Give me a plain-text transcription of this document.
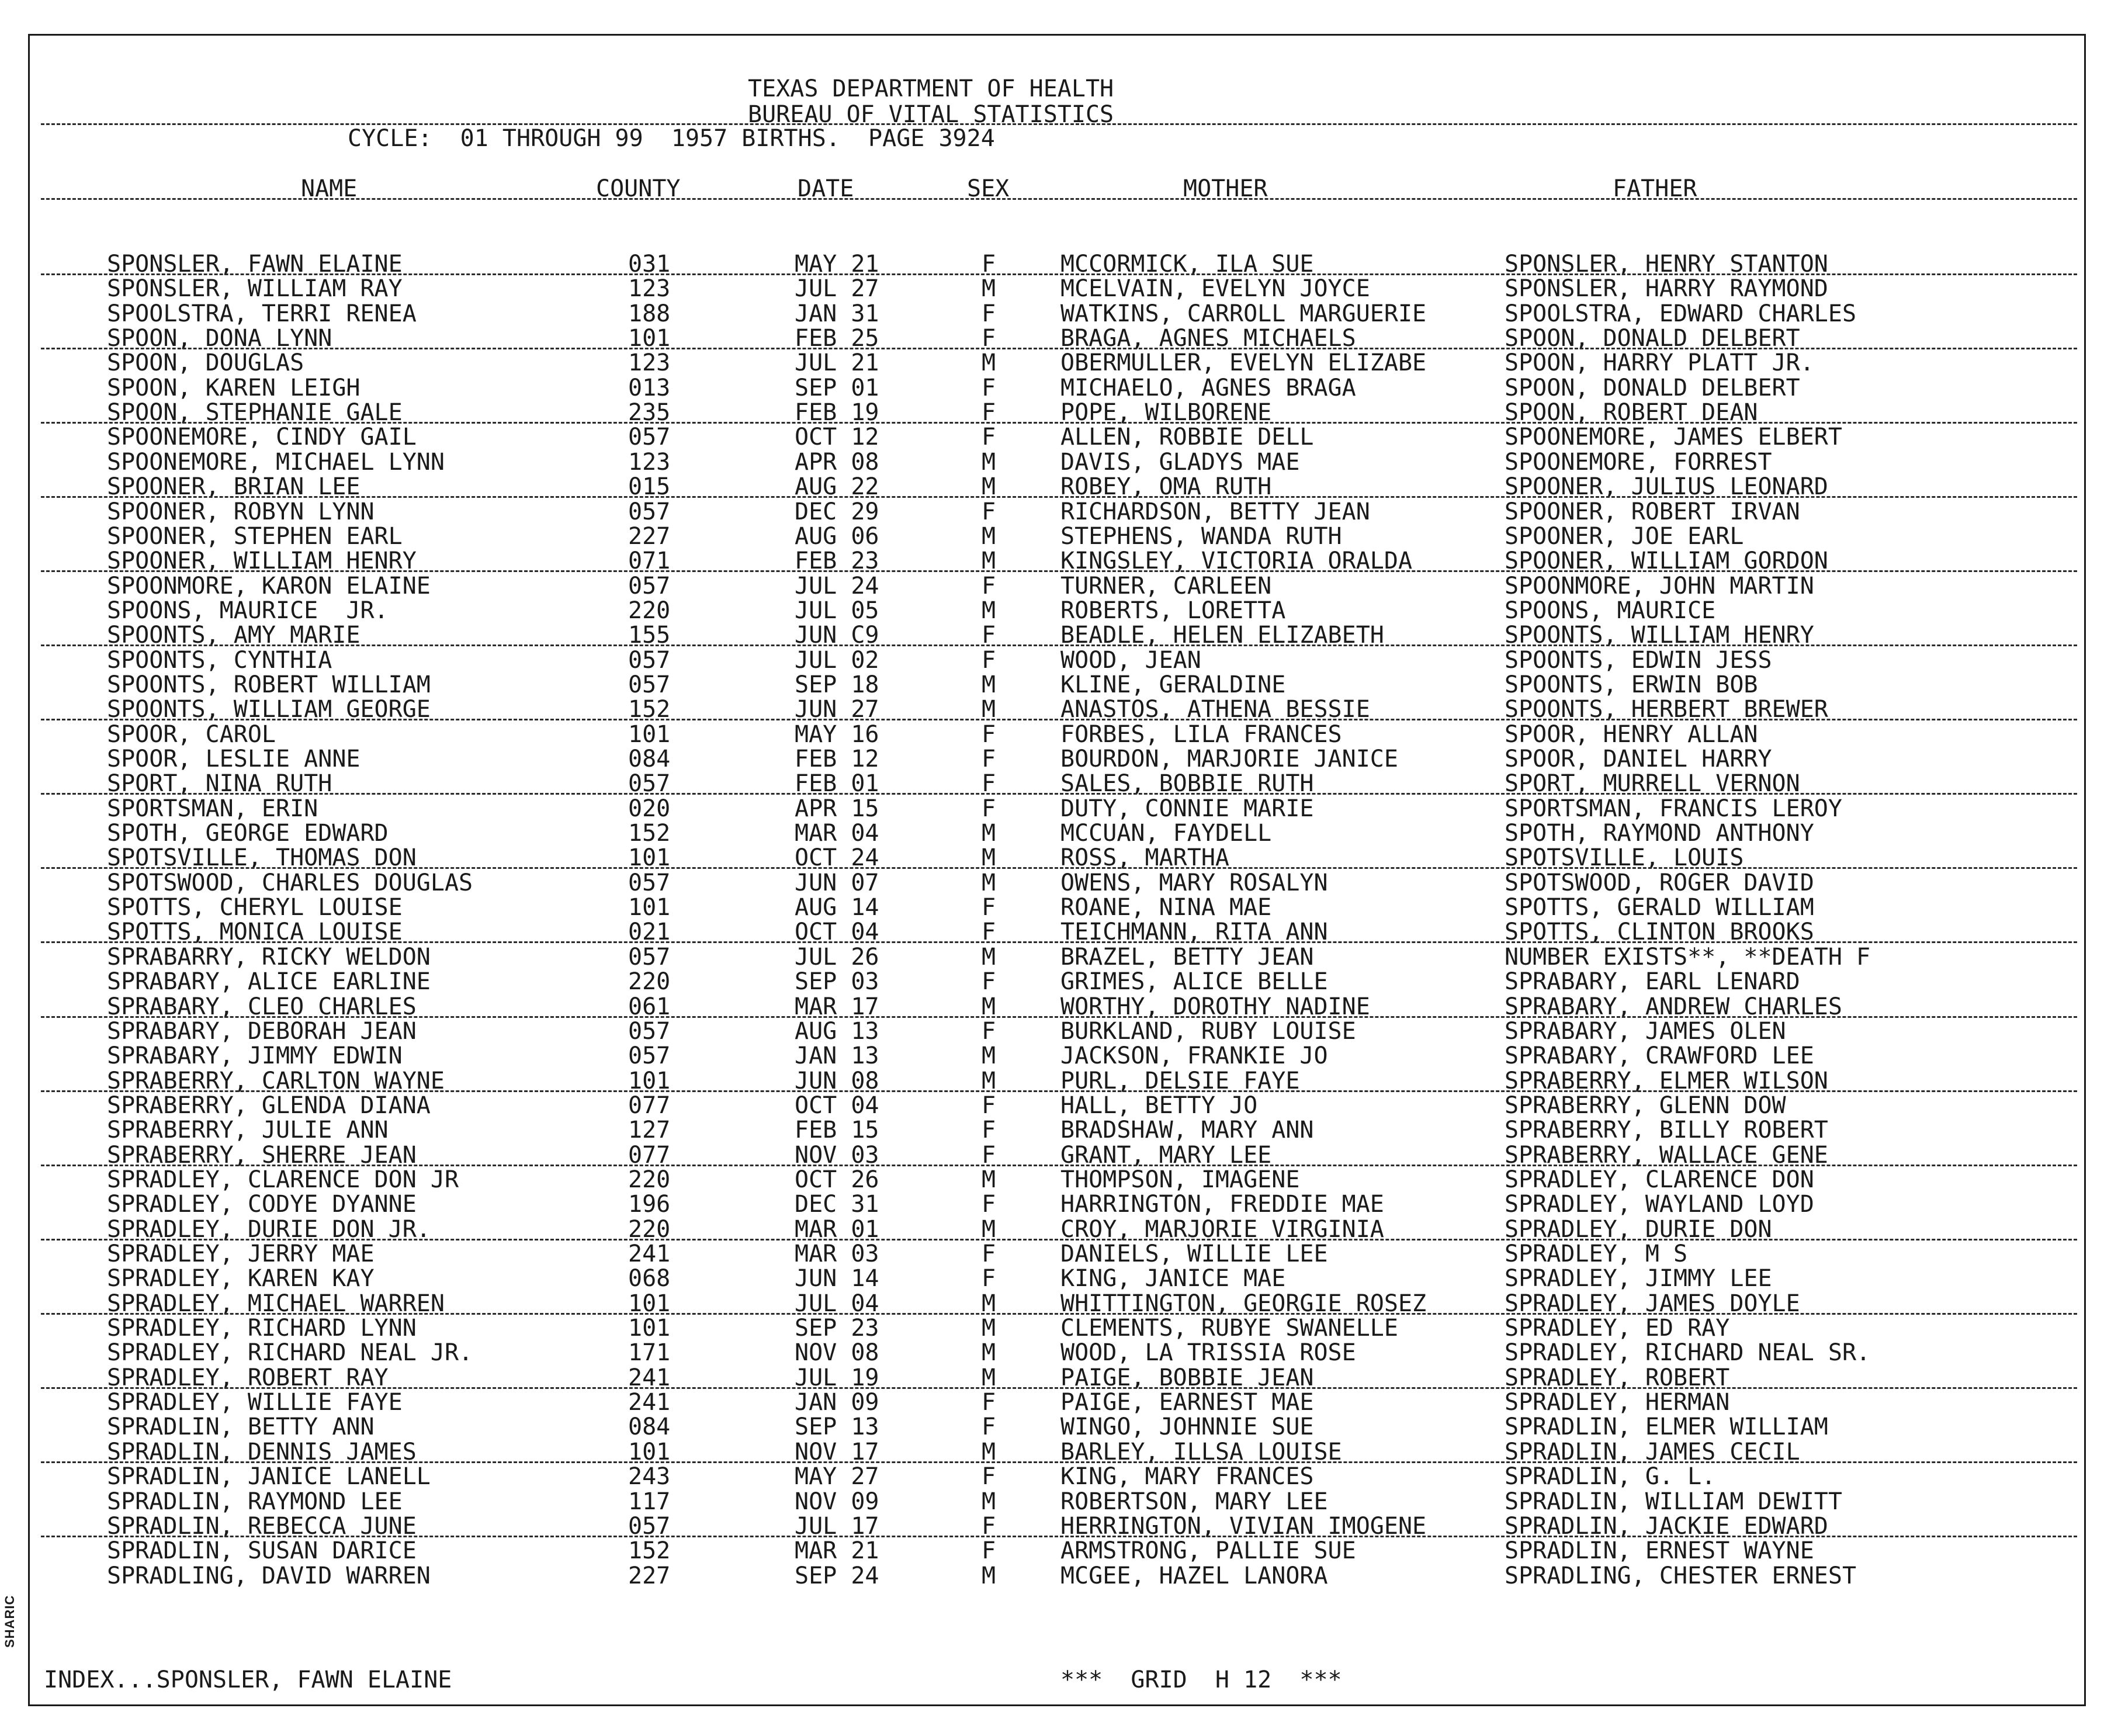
TEXAS DEPARTMENT OF HEALTH
BUREAU OF VITAL STATISTICS
CYCLE:  01 THROUGH 99  1957 BIRTHS.  PAGE 3924
NAME	COUNTY	DATE	SEX	MOTHER	FATHER
SPONSLER, FAWN ELAINE	031	MAY 21	F	MCCORMICK, ILA SUE	SPONSLER, HENRY STANTON
SPONSLER, WILLIAM RAY	123	JUL 27	M	MCELVAIN, EVELYN JOYCE	SPONSLER, HARRY RAYMOND
SPOOLSTRA, TERRI RENEA	188	JAN 31	F	WATKINS, CARROLL MARGUERIE	SPOOLSTRA, EDWARD CHARLES
SPOON, DONA LYNN	101	FEB 25	F	BRAGA, AGNES MICHAELS	SPOON, DONALD DELBERT
SPOON, DOUGLAS	123	JUL 21	M	OBERMULLER, EVELYN ELIZABE	SPOON, HARRY PLATT JR.
SPOON, KAREN LEIGH	013	SEP 01	F	MICHAELO, AGNES BRAGA	SPOON, DONALD DELBERT
SPOON, STEPHANIE GALE	235	FEB 19	F	POPE, WILBORENE	SPOON, ROBERT DEAN
SPOONEMORE, CINDY GAIL	057	OCT 12	F	ALLEN, ROBBIE DELL	SPOONEMORE, JAMES ELBERT
SPOONEMORE, MICHAEL LYNN	123	APR 08	M	DAVIS, GLADYS MAE	SPOONEMORE, FORREST
SPOONER, BRIAN LEE	015	AUG 22	M	ROBEY, OMA RUTH	SPOONER, JULIUS LEONARD
SPOONER, ROBYN LYNN	057	DEC 29	F	RICHARDSON, BETTY JEAN	SPOONER, ROBERT IRVAN
SPOONER, STEPHEN EARL	227	AUG 06	M	STEPHENS, WANDA RUTH	SPOONER, JOE EARL
SPOONER, WILLIAM HENRY	071	FEB 23	M	KINGSLEY, VICTORIA ORALDA	SPOONER, WILLIAM GORDON
SPOONMORE, KARON ELAINE	057	JUL 24	F	TURNER, CARLEEN	SPOONMORE, JOHN MARTIN
SPOONS, MAURICE  JR.	220	JUL 05	M	ROBERTS, LORETTA	SPOONS, MAURICE
SPOONTS, AMY MARIE	155	JUN C9	F	BEADLE, HELEN ELIZABETH	SPOONTS, WILLIAM HENRY
SPOONTS, CYNTHIA	057	JUL 02	F	WOOD, JEAN	SPOONTS, EDWIN JESS
SPOONTS, ROBERT WILLIAM	057	SEP 18	M	KLINE, GERALDINE	SPOONTS, ERWIN BOB
SPOONTS, WILLIAM GEORGE	152	JUN 27	M	ANASTOS, ATHENA BESSIE	SPOONTS, HERBERT BREWER
SPOOR, CAROL	101	MAY 16	F	FORBES, LILA FRANCES	SPOOR, HENRY ALLAN
SPOOR, LESLIE ANNE	084	FEB 12	F	BOURDON, MARJORIE JANICE	SPOOR, DANIEL HARRY
SPORT, NINA RUTH	057	FEB 01	F	SALES, BOBBIE RUTH	SPORT, MURRELL VERNON
SPORTSMAN, ERIN	020	APR 15	F	DUTY, CONNIE MARIE	SPORTSMAN, FRANCIS LEROY
SPOTH, GEORGE EDWARD	152	MAR 04	M	MCCUAN, FAYDELL	SPOTH, RAYMOND ANTHONY
SPOTSVILLE, THOMAS DON	101	OCT 24	M	ROSS, MARTHA	SPOTSVILLE, LOUIS
SPOTSWOOD, CHARLES DOUGLAS	057	JUN 07	M	OWENS, MARY ROSALYN	SPOTSWOOD, ROGER DAVID
SPOTTS, CHERYL LOUISE	101	AUG 14	F	ROANE, NINA MAE	SPOTTS, GERALD WILLIAM
SPOTTS, MONICA LOUISE	021	OCT 04	F	TEICHMANN, RITA ANN	SPOTTS, CLINTON BROOKS
SPRABARRY, RICKY WELDON	057	JUL 26	M	BRAZEL, BETTY JEAN	NUMBER EXISTS**, **DEATH F
SPRABARY, ALICE EARLINE	220	SEP 03	F	GRIMES, ALICE BELLE	SPRABARY, EARL LENARD
SPRABARY, CLEO CHARLES	061	MAR 17	M	WORTHY, DOROTHY NADINE	SPRABARY, ANDREW CHARLES
SPRABARY, DEBORAH JEAN	057	AUG 13	F	BURKLAND, RUBY LOUISE	SPRABARY, JAMES OLEN
SPRABARY, JIMMY EDWIN	057	JAN 13	M	JACKSON, FRANKIE JO	SPRABARY, CRAWFORD LEE
SPRABERRY, CARLTON WAYNE	101	JUN 08	M	PURL, DELSIE FAYE	SPRABERRY, ELMER WILSON
SPRABERRY, GLENDA DIANA	077	OCT 04	F	HALL, BETTY JO	SPRABERRY, GLENN DOW
SPRABERRY, JULIE ANN	127	FEB 15	F	BRADSHAW, MARY ANN	SPRABERRY, BILLY ROBERT
SPRABERRY, SHERRE JEAN	077	NOV 03	F	GRANT, MARY LEE	SPRABERRY, WALLACE GENE
SPRADLEY, CLARENCE DON JR	220	OCT 26	M	THOMPSON, IMAGENE	SPRADLEY, CLARENCE DON
SPRADLEY, CODYE DYANNE	196	DEC 31	F	HARRINGTON, FREDDIE MAE	SPRADLEY, WAYLAND LOYD
SPRADLEY, DURIE DON JR.	220	MAR 01	M	CROY, MARJORIE VIRGINIA	SPRADLEY, DURIE DON
SPRADLEY, JERRY MAE	241	MAR 03	F	DANIELS, WILLIE LEE	SPRADLEY, M S
SPRADLEY, KAREN KAY	068	JUN 14	F	KING, JANICE MAE	SPRADLEY, JIMMY LEE
SPRADLEY, MICHAEL WARREN	101	JUL 04	M	WHITTINGTON, GEORGIE ROSEZ	SPRADLEY, JAMES DOYLE
SPRADLEY, RICHARD LYNN	101	SEP 23	M	CLEMENTS, RUBYE SWANELLE	SPRADLEY, ED RAY
SPRADLEY, RICHARD NEAL JR.	171	NOV 08	M	WOOD, LA TRISSIA ROSE	SPRADLEY, RICHARD NEAL SR.
SPRADLEY, ROBERT RAY	241	JUL 19	M	PAIGE, BOBBIE JEAN	SPRADLEY, ROBERT
SPRADLEY, WILLIE FAYE	241	JAN 09	F	PAIGE, EARNEST MAE	SPRADLEY, HERMAN
SPRADLIN, BETTY ANN	084	SEP 13	F	WINGO, JOHNNIE SUE	SPRADLIN, ELMER WILLIAM
SPRADLIN, DENNIS JAMES	101	NOV 17	M	BARLEY, ILLSA LOUISE	SPRADLIN, JAMES CECIL
SPRADLIN, JANICE LANELL	243	MAY 27	F	KING, MARY FRANCES	SPRADLIN, G. L.
SPRADLIN, RAYMOND LEE	117	NOV 09	M	ROBERTSON, MARY LEE	SPRADLIN, WILLIAM DEWITT
SPRADLIN, REBECCA JUNE	057	JUL 17	F	HERRINGTON, VIVIAN IMOGENE	SPRADLIN, JACKIE EDWARD
SPRADLIN, SUSAN DARICE	152	MAR 21	F	ARMSTRONG, PALLIE SUE	SPRADLIN, ERNEST WAYNE
SPRADLING, DAVID WARREN	227	SEP 24	M	MCGEE, HAZEL LANORA	SPRADLING, CHESTER ERNEST
INDEX...SPONSLER, FAWN ELAINE	***  GRID  H 12  ***
SHARIC
